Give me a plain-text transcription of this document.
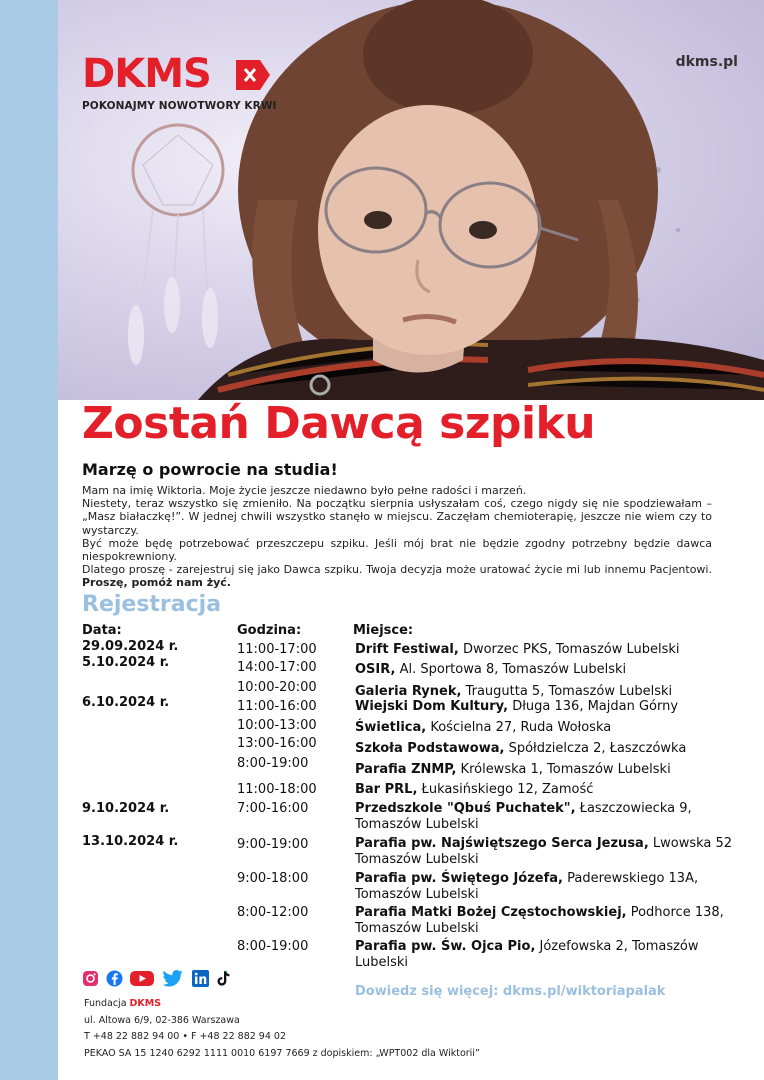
DKMS
POKONAJMY NOWOTWORY KRWI
dkms.pl
Zostań Dawcą szpiku
Marzę o powrocie na studia!

Mam na imię Wiktoria. Moje życie jeszcze niedawno było pełne radości i marzeń.

Niestety, teraz wszystko się zmieniło. Na początku sierpnia usłyszałam coś, czego nigdy się nie spodziewałam – „Masz białaczkę!”. W jednej chwili wszystko stanęło w miejscu. Zaczęłam chemioterapię, jeszcze nie wiem czy to wystarczy.

Być może będę potrzebować przeszczepu szpiku. Jeśli mój brat nie będzie zgodny potrzebny będzie dawca niespokrewniony.

Dlatego proszę - zarejestruj się jako Dawca szpiku. Twoja decyzja może uratować życie mi lub innemu Pacjentowi. Proszę, pomóż nam żyć.

Rejestracja
Data:	Godzina:	Miejsce:
29.09.2024 r.
5.10.2024 r.
6.10.2024 r.
9.10.2024 r.
13.10.2024 r.
11:00-17:00
14:00-17:00
10:00-20:00
11:00-16:00
10:00-13:00
13:00-16:00
8:00-19:00
11:00-18:00
7:00-16:00
9:00-19:00
9:00-18:00
8:00-12:00
8:00-19:00
Drift Festiwal, Dworzec PKS, Tomaszów Lubelski
OSIR, Al. Sportowa 8, Tomaszów Lubelski
Galeria Rynek, Traugutta 5, Tomaszów Lubelski
Wiejski Dom Kultury, Długa 136, Majdan Górny
Świetlica, Kościelna 27, Ruda Wołoska
Szkoła Podstawowa, Spółdzielcza 2, Łaszczówka
Parafia ZNMP, Królewska 1, Tomaszów Lubelski
Bar PRL, Łukasińskiego 12, Zamość
Przedszkole "Qbuś Puchatek", Łaszczowiecka 9, Tomaszów Lubelski
Parafia pw. Najświętszego Serca Jezusa, Lwowska 52 Tomaszów Lubelski
Parafia pw. Świętego Józefa, Paderewskiego 13A, Tomaszów Lubelski
Parafia Matki Bożej Częstochowskiej, Podhorce 138, Tomaszów Lubelski
Parafia pw. Św. Ojca Pio, Józefowska 2, Tomaszów Lubelski
Dowiedz się więcej: dkms.pl/wiktoriapalak
Fundacja DKMS
ul. Altowa 6/9, 02-386 Warszawa
T +48 22 882 94 00 • F +48 22 882 94 02
PEKAO SA 15 1240 6292 1111 0010 6197 7669 z dopiskiem: „WPT002 dla Wiktorii”
